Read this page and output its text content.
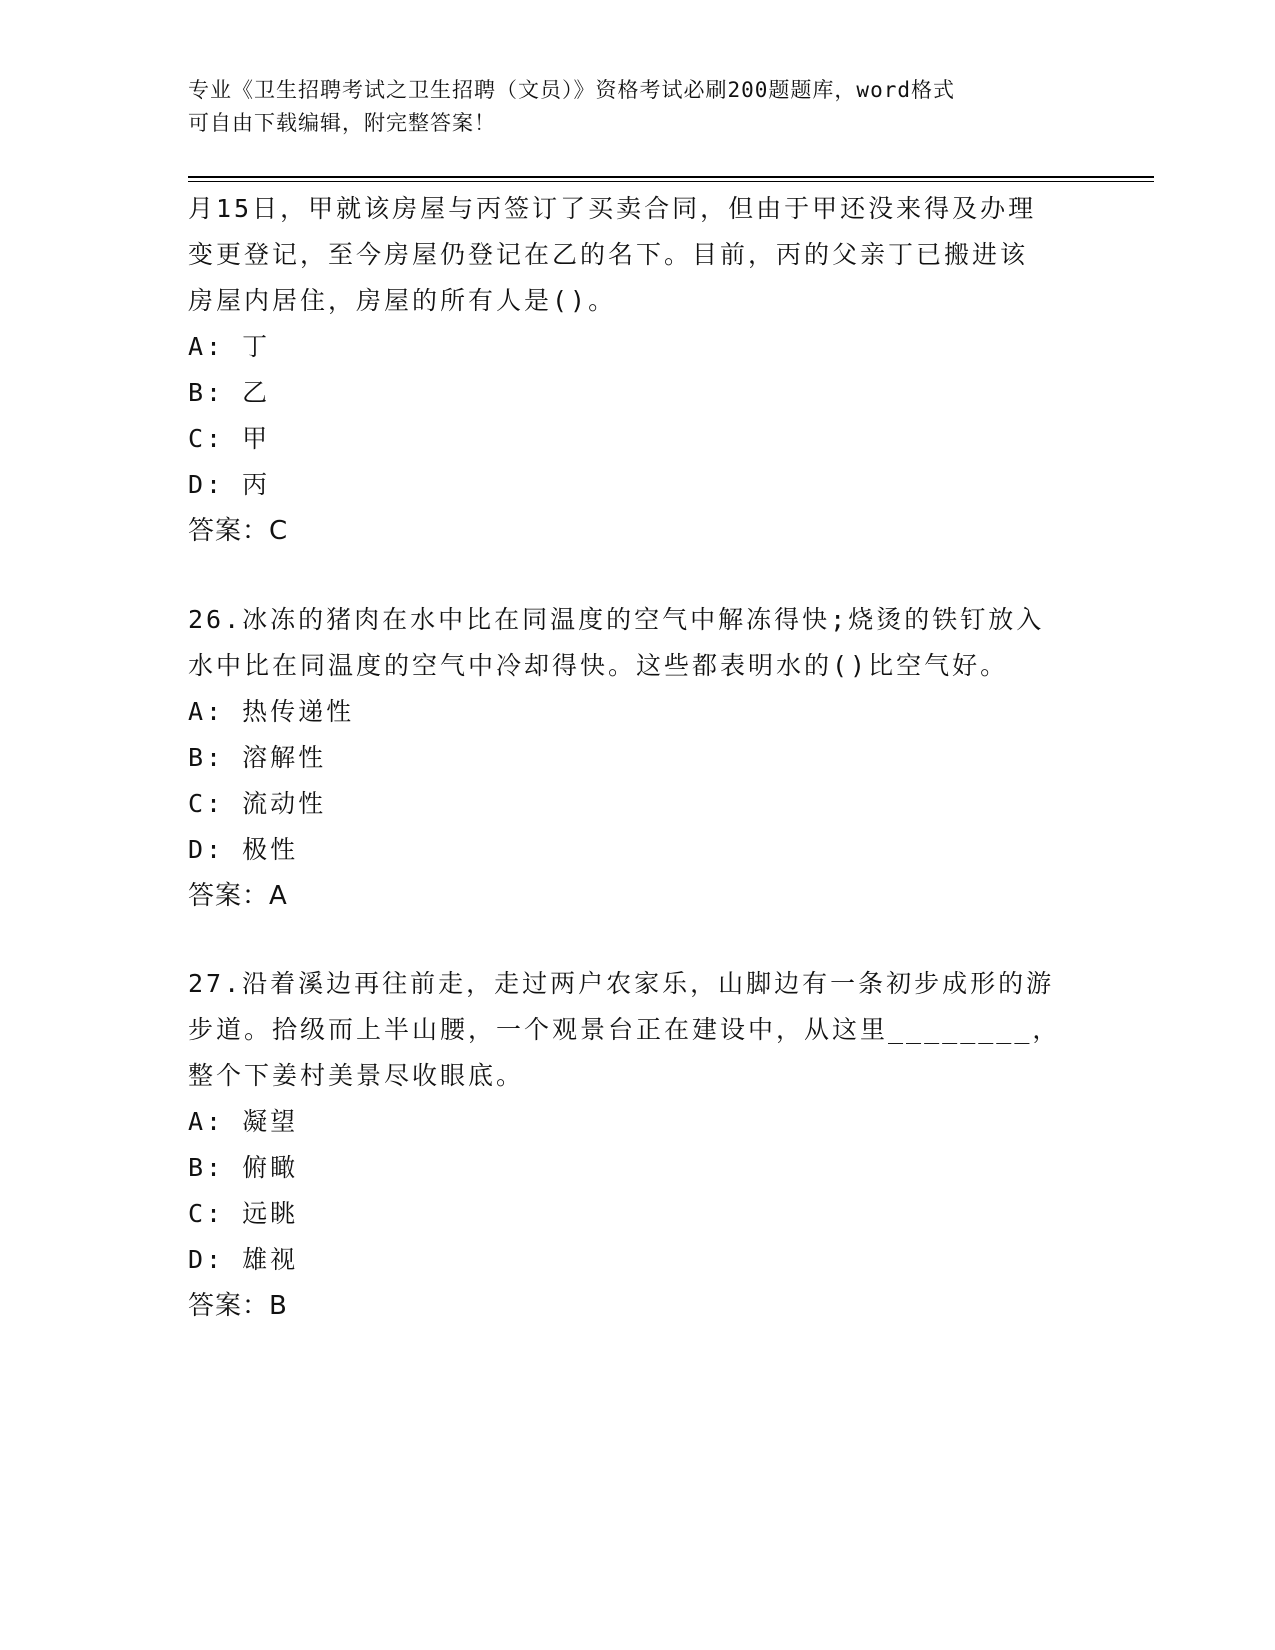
专业《卫生招聘考试之卫生招聘（文员）》资格考试必刷200题题库，word格式
可自由下载编辑，附完整答案！

月15日，甲就该房屋与丙签订了买卖合同，但由于甲还没来得及办理
变更登记，至今房屋仍登记在乙的名下。目前，丙的父亲丁已搬进该
房屋内居住，房屋的所有人是()。

A: 丁

B: 乙

C: 甲

D: 丙

答案：C

26.冰冻的猪肉在水中比在同温度的空气中解冻得快;烧烫的铁钉放入
水中比在同温度的空气中冷却得快。这些都表明水的()比空气好。

A: 热传递性

B: 溶解性

C: 流动性

D: 极性

答案：A

27.沿着溪边再往前走，走过两户农家乐，山脚边有一条初步成形的游
步道。拾级而上半山腰，一个观景台正在建设中，从这里________，
整个下姜村美景尽收眼底。

A: 凝望

B: 俯瞰

C: 远眺

D: 雄视

答案：B
